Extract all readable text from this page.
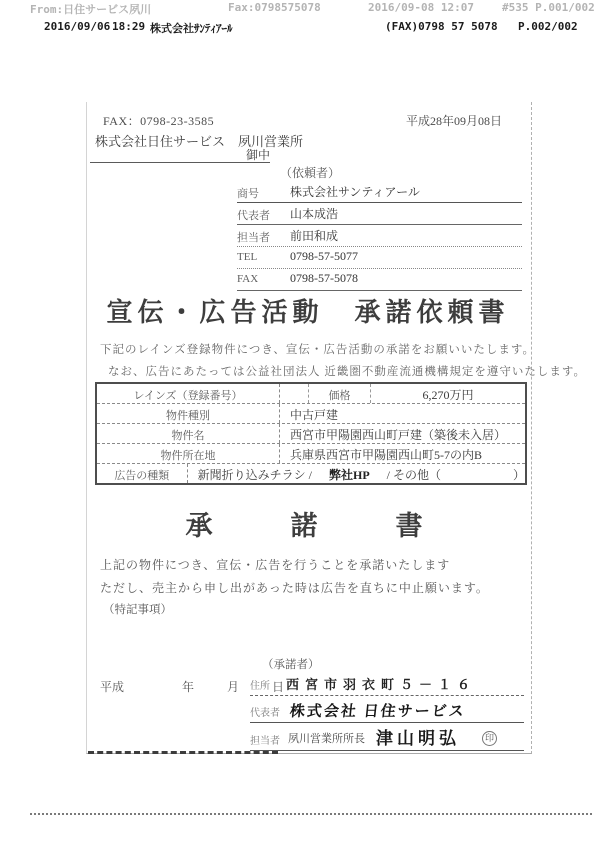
From:日住サービス夙川	Fax:0798575078	2016/09-08 12:07	#535 P.001/002
2016/09/06 18:29 株式会社ｻﾝﾃｨｱｰﾙ	(FAX)0798 57 5078 P.002/002
FAX：0798-23-3585	平成28年09月08日
株式会社日住サービス　夙川営業所
御中
（依頼者）
商号	株式会社サンティアール
代表者 山本成浩
担当者 前田和成
TEL	0798-57-5077
FAX	0798-57-5078
宣伝・広告活動　承諾依頼書
下記のレインズ登録物件につき、宣伝・広告活動の承諾をお願いいたします。
なお、広告にあたっては公益社団法人 近畿圏不動産流通機構規定を遵守いたします。
レインズ（登録番号）	価格	6,270万円
物件種別	中古戸建
物件名	西宮市甲陽園西山町戸建（築後未入居）
物件所在地	兵庫県西宮市甲陽園西山町5-7の内B
広告の種類	新聞折り込みチラシ / 弊社HP / その他（　　　　　　）
承　　諾　　書
上記の物件につき、宣伝・広告を行うことを承諾いたします
ただし、売主から申し出があった時は広告を直ちに中止願います。
（特記事項）
（承諾者）
平成	年	月	日
住所 西宮市羽衣町５－１６
代表者 株式会社 日住サービス
担当者 夙川営業所所長 津山明弘	印
